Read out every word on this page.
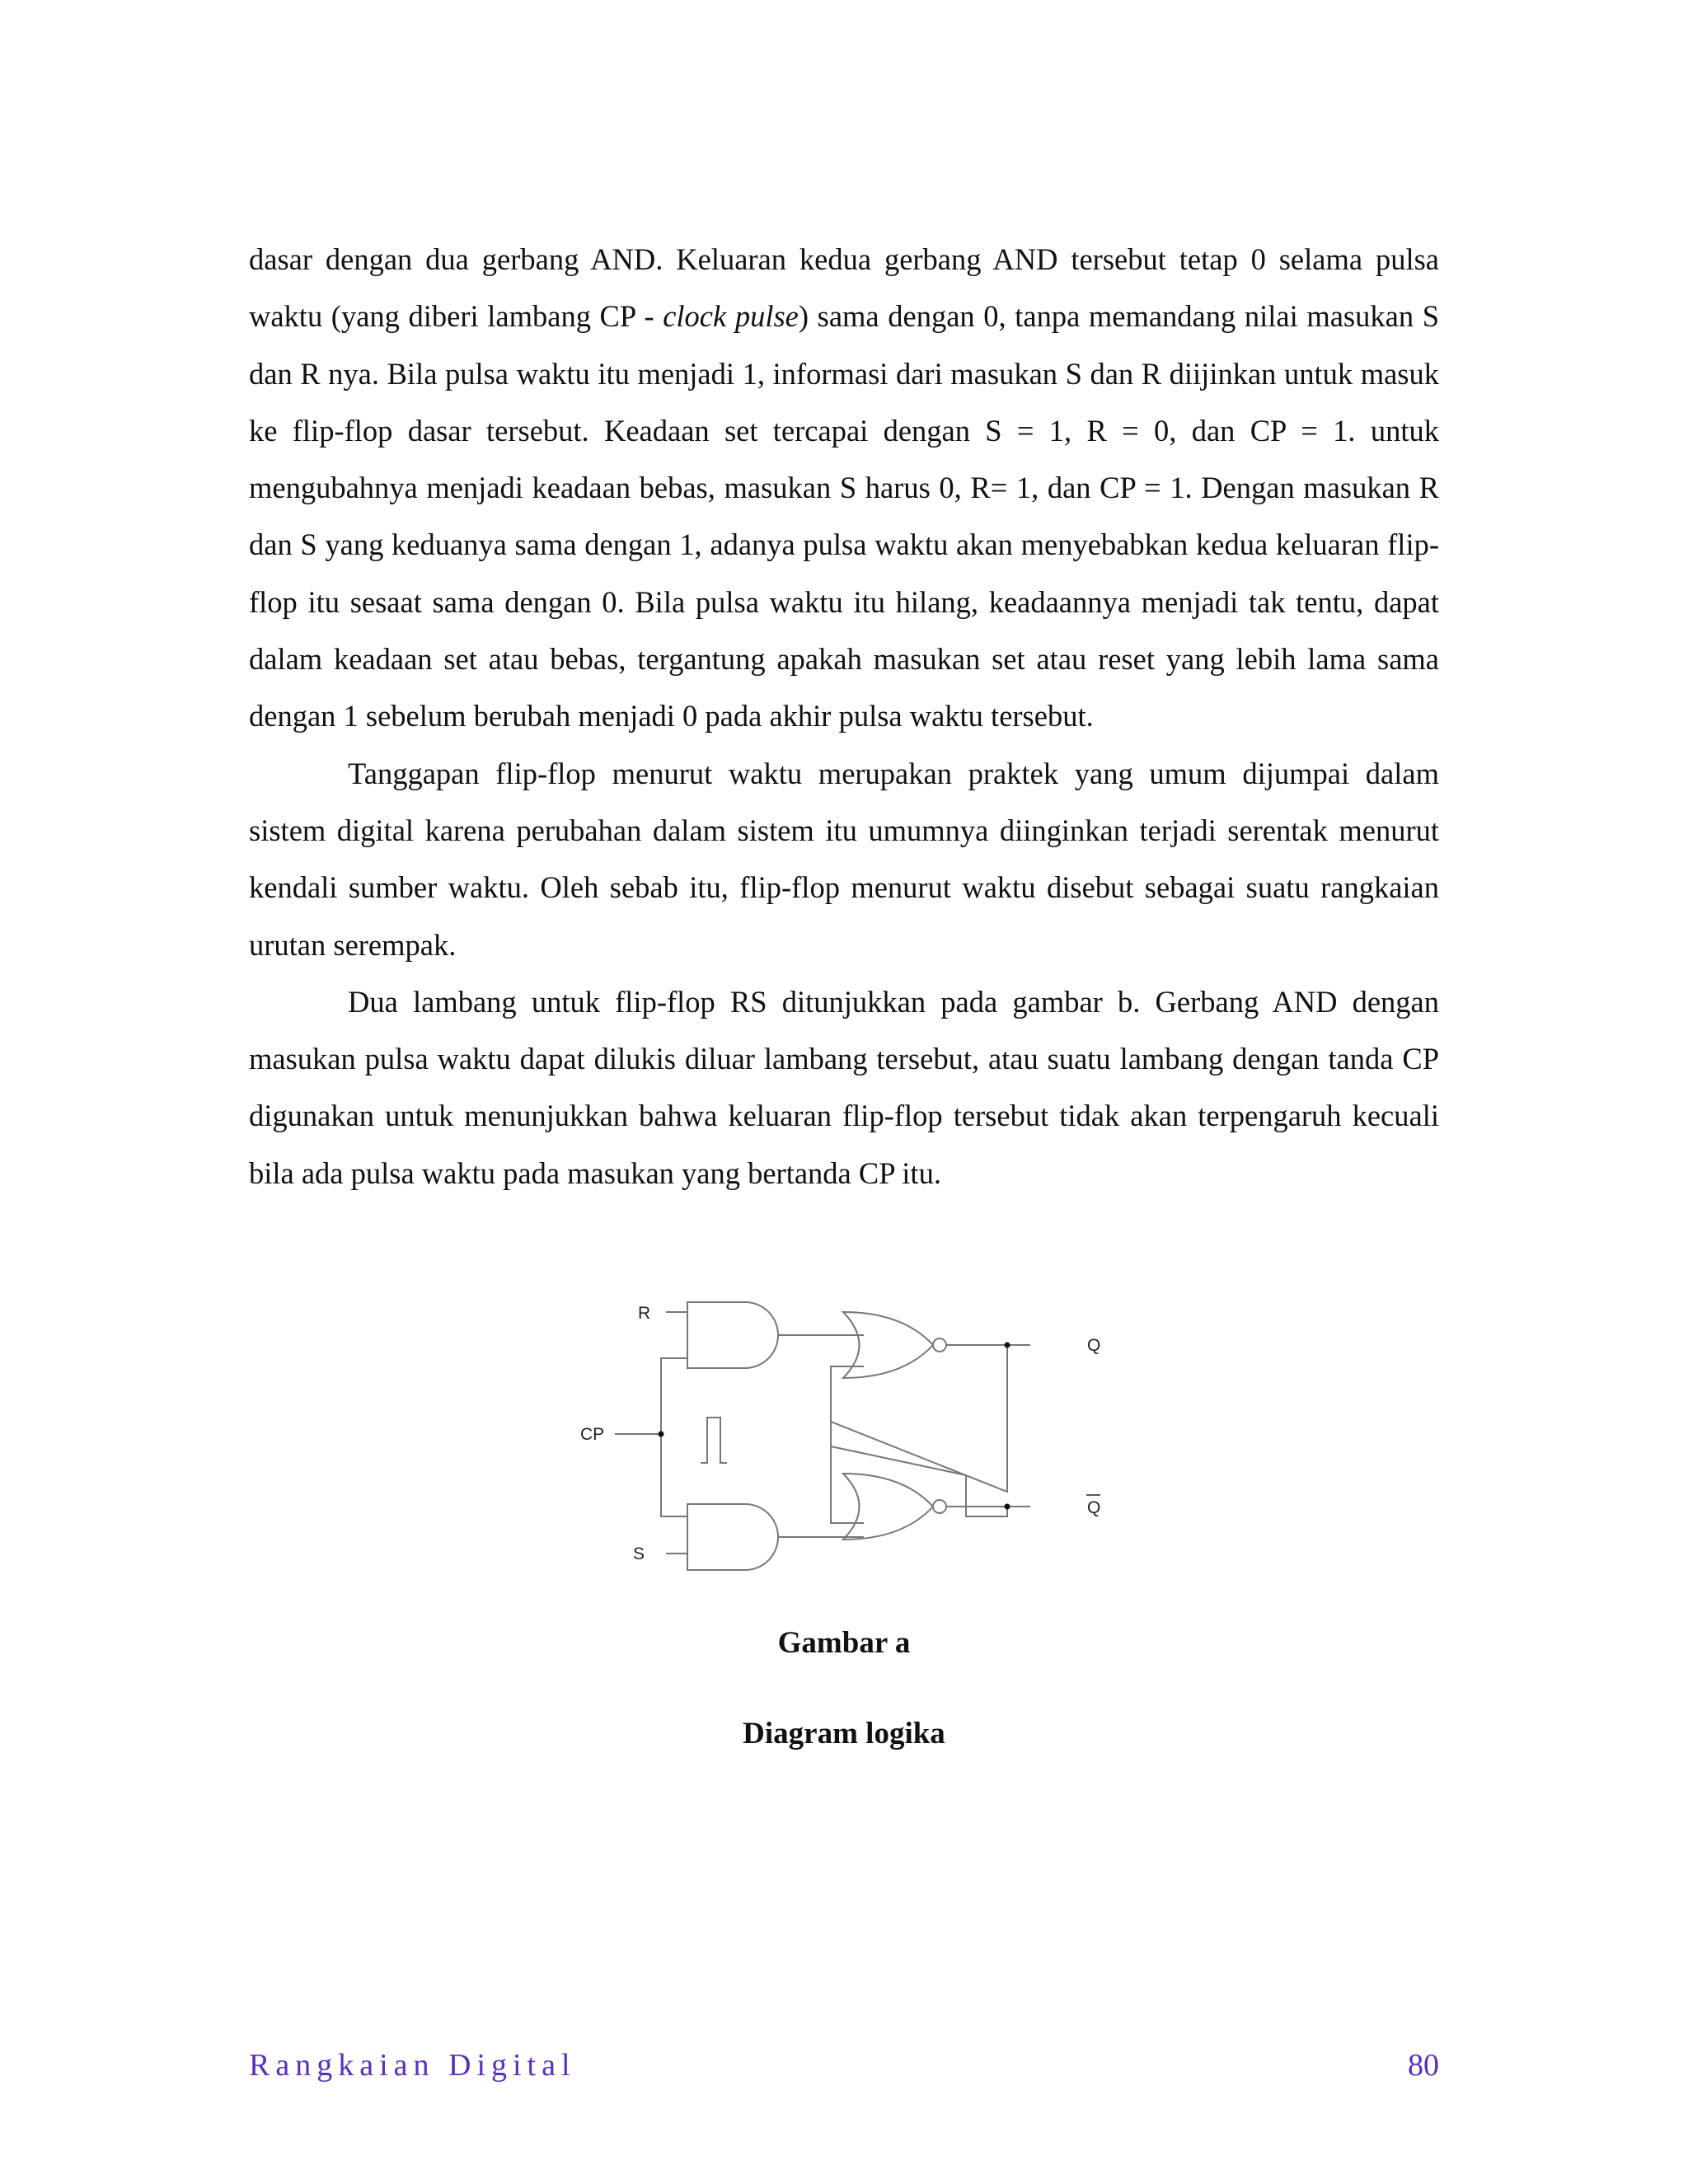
dasar dengan dua gerbang AND. Keluaran kedua gerbang AND tersebut tetap 0 selama pulsa waktu (yang diberi lambang CP - clock pulse) sama dengan 0, tanpa memandang nilai masukan S dan R nya. Bila pulsa waktu itu menjadi 1, informasi dari masukan S dan R diijinkan untuk masuk ke flip-flop dasar tersebut. Keadaan set tercapai dengan S = 1, R = 0, dan CP = 1. untuk mengubahnya menjadi keadaan bebas, masukan S harus 0, R= 1, dan CP = 1. Dengan masukan R dan S yang keduanya sama dengan 1, adanya pulsa waktu akan menyebabkan kedua keluaran flip-flop itu sesaat sama dengan 0. Bila pulsa waktu itu hilang, keadaannya menjadi tak tentu, dapat dalam keadaan set atau bebas, tergantung apakah masukan set atau reset yang lebih lama sama dengan 1 sebelum berubah menjadi 0 pada akhir pulsa waktu tersebut.

Tanggapan flip-flop menurut waktu merupakan praktek yang umum dijumpai dalam sistem digital karena perubahan dalam sistem itu umumnya diinginkan terjadi serentak menurut kendali sumber waktu. Oleh sebab itu, flip-flop menurut waktu disebut sebagai suatu rangkaian urutan serempak.

Dua lambang untuk flip-flop RS ditunjukkan pada gambar b. Gerbang AND dengan masukan pulsa waktu dapat dilukis diluar lambang tersebut, atau suatu lambang dengan tanda CP digunakan untuk menunjukkan bahwa keluaran flip-flop tersebut tidak akan terpengaruh kecuali bila ada pulsa waktu pada masukan yang bertanda CP itu.

R
CP
S
Q
Q
Gambar a
Diagram logika
Rangkaian Digital	80
